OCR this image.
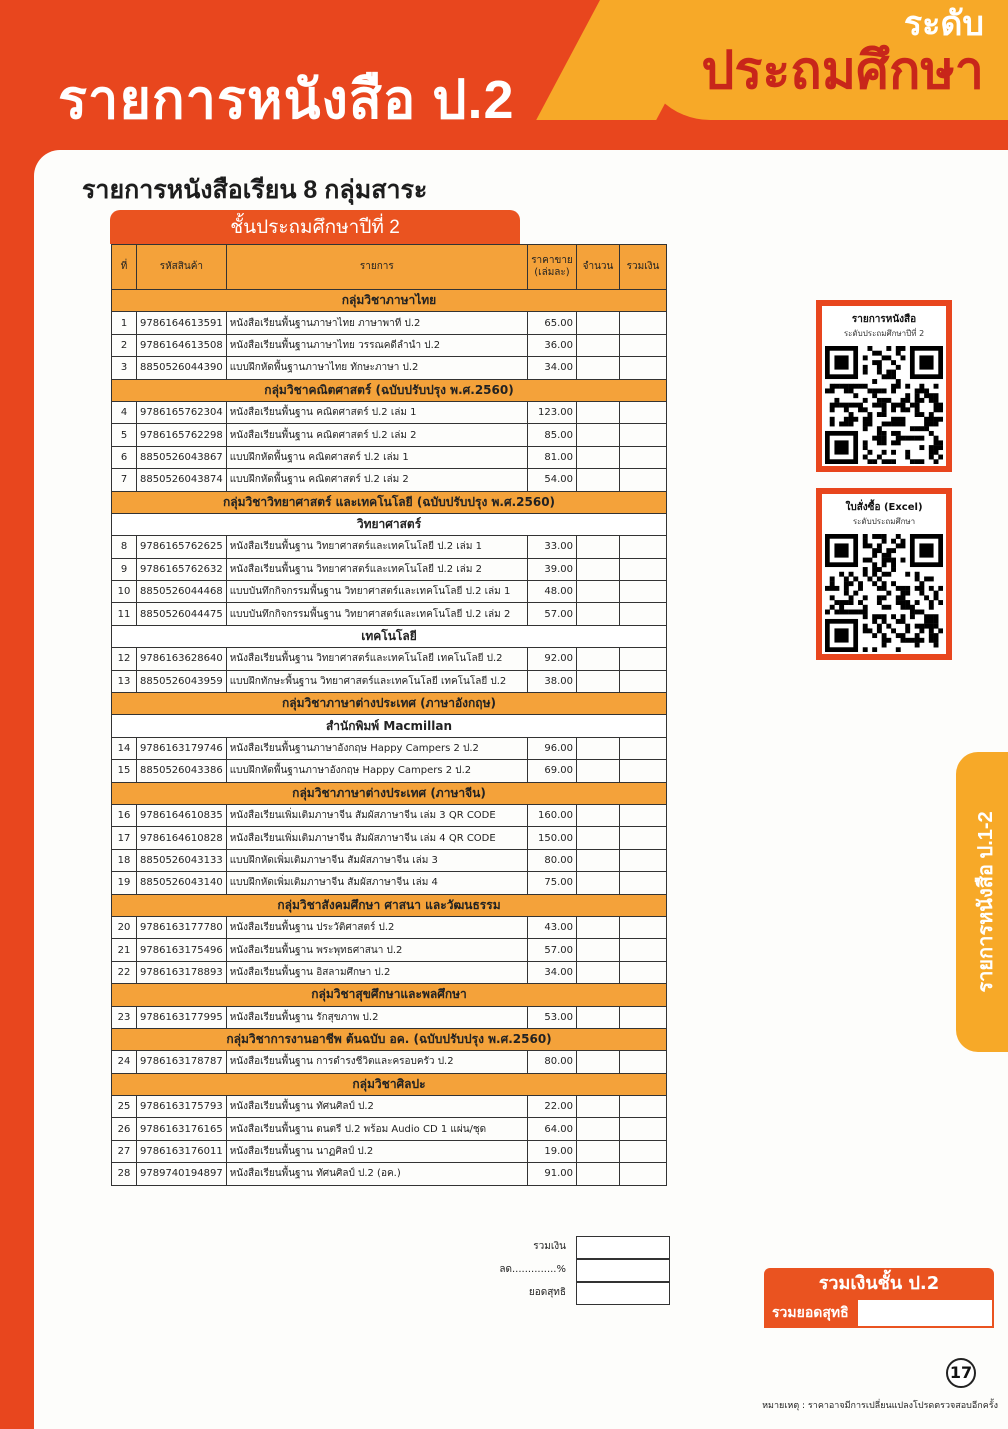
ระดับ
ประถมศึกษา
รายการหนังสือ ป.2
รายการหนังสือเรียน 8 กลุ่มสาระ
ชั้นประถมศึกษาปีที่ 2
ที่	รหัสสินค้า	รายการ	ราคาขาย (เล่มละ)	จำนวน	รวมเงิน
กลุ่มวิชาภาษาไทย					
1	9786164613591	หนังสือเรียนพื้นฐานภาษาไทย ภาษาพาที ป.2	65.00		
2	9786164613508	หนังสือเรียนพื้นฐานภาษาไทย วรรณคดีลำนำ ป.2	36.00		
3	8850526044390	แบบฝึกหัดพื้นฐานภาษาไทย ทักษะภาษา ป.2	34.00		
กลุ่มวิชาคณิตศาสตร์ (ฉบับปรับปรุง พ.ศ.2560)					
4	9786165762304	หนังสือเรียนพื้นฐาน คณิตศาสตร์ ป.2 เล่ม 1	123.00		
5	9786165762298	หนังสือเรียนพื้นฐาน คณิตศาสตร์ ป.2 เล่ม 2	85.00		
6	8850526043867	แบบฝึกหัดพื้นฐาน คณิตศาสตร์ ป.2 เล่ม 1	81.00		
7	8850526043874	แบบฝึกหัดพื้นฐาน คณิตศาสตร์ ป.2 เล่ม 2	54.00		
กลุ่มวิชาวิทยาศาสตร์ และเทคโนโลยี (ฉบับปรับปรุง พ.ศ.2560)					
วิทยาศาสตร์					
8	9786165762625	หนังสือเรียนพื้นฐาน วิทยาศาสตร์และเทคโนโลยี ป.2 เล่ม 1	33.00		
9	9786165762632	หนังสือเรียนพื้นฐาน วิทยาศาสตร์และเทคโนโลยี ป.2 เล่ม 2	39.00		
10	8850526044468	แบบบันทึกกิจกรรมพื้นฐาน วิทยาศาสตร์และเทคโนโลยี ป.2 เล่ม 1	48.00		
11	8850526044475	แบบบันทึกกิจกรรมพื้นฐาน วิทยาศาสตร์และเทคโนโลยี ป.2 เล่ม 2	57.00		
เทคโนโลยี					
12	9786163628640	หนังสือเรียนพื้นฐาน วิทยาศาสตร์และเทคโนโลยี เทคโนโลยี ป.2	92.00		
13	8850526043959	แบบฝึกทักษะพื้นฐาน วิทยาศาสตร์และเทคโนโลยี เทคโนโลยี ป.2	38.00		
กลุ่มวิชาภาษาต่างประเทศ (ภาษาอังกฤษ)					
สำนักพิมพ์ Macmillan					
14	9786163179746	หนังสือเรียนพื้นฐานภาษาอังกฤษ Happy Campers 2 ป.2	96.00		
15	8850526043386	แบบฝึกหัดพื้นฐานภาษาอังกฤษ Happy Campers 2 ป.2	69.00		
กลุ่มวิชาภาษาต่างประเทศ (ภาษาจีน)					
16	9786164610835	หนังสือเรียนเพิ่มเติมภาษาจีน สัมผัสภาษาจีน เล่ม 3 QR CODE	160.00		
17	9786164610828	หนังสือเรียนเพิ่มเติมภาษาจีน สัมผัสภาษาจีน เล่ม 4 QR CODE	150.00		
18	8850526043133	แบบฝึกหัดเพิ่มเติมภาษาจีน สัมผัสภาษาจีน เล่ม 3	80.00		
19	8850526043140	แบบฝึกหัดเพิ่มเติมภาษาจีน สัมผัสภาษาจีน เล่ม 4	75.00		
กลุ่มวิชาสังคมศึกษา ศาสนา และวัฒนธรรม					
20	9786163177780	หนังสือเรียนพื้นฐาน ประวัติศาสตร์ ป.2	43.00		
21	9786163175496	หนังสือเรียนพื้นฐาน พระพุทธศาสนา ป.2	57.00		
22	9786163178893	หนังสือเรียนพื้นฐาน อิสลามศึกษา ป.2	34.00		
กลุ่มวิชาสุขศึกษาและพลศึกษา					
23	9786163177995	หนังสือเรียนพื้นฐาน รักสุขภาพ ป.2	53.00		
กลุ่มวิชาการงานอาชีพ ต้นฉบับ อค. (ฉบับปรับปรุง พ.ศ.2560)					
24	9786163178787	หนังสือเรียนพื้นฐาน การดำรงชีวิตและครอบครัว ป.2	80.00		
กลุ่มวิชาศิลปะ					
25	9786163175793	หนังสือเรียนพื้นฐาน ทัศนศิลป์ ป.2	22.00		
26	9786163176165	หนังสือเรียนพื้นฐาน ดนตรี ป.2 พร้อม Audio CD 1 แผ่น/ชุด	64.00		
27	9786163176011	หนังสือเรียนพื้นฐาน นาฏศิลป์ ป.2	19.00		
28	9789740194897	หนังสือเรียนพื้นฐาน ทัศนศิลป์ ป.2 (อค.)	91.00		
รวมเงิน
ลด..............%
ยอดสุทธิ
รายการหนังสือ
ระดับประถมศึกษาปีที่ 2
ใบสั่งซื้อ (Excel)
ระดับประถมศึกษา
รายการหนังสือ ป.1-2
รวมเงินชั้น ป.2
รวมยอดสุทธิ
17
หมายเหตุ : ราคาอาจมีการเปลี่ยนแปลงโปรดตรวจสอบอีกครั้ง
